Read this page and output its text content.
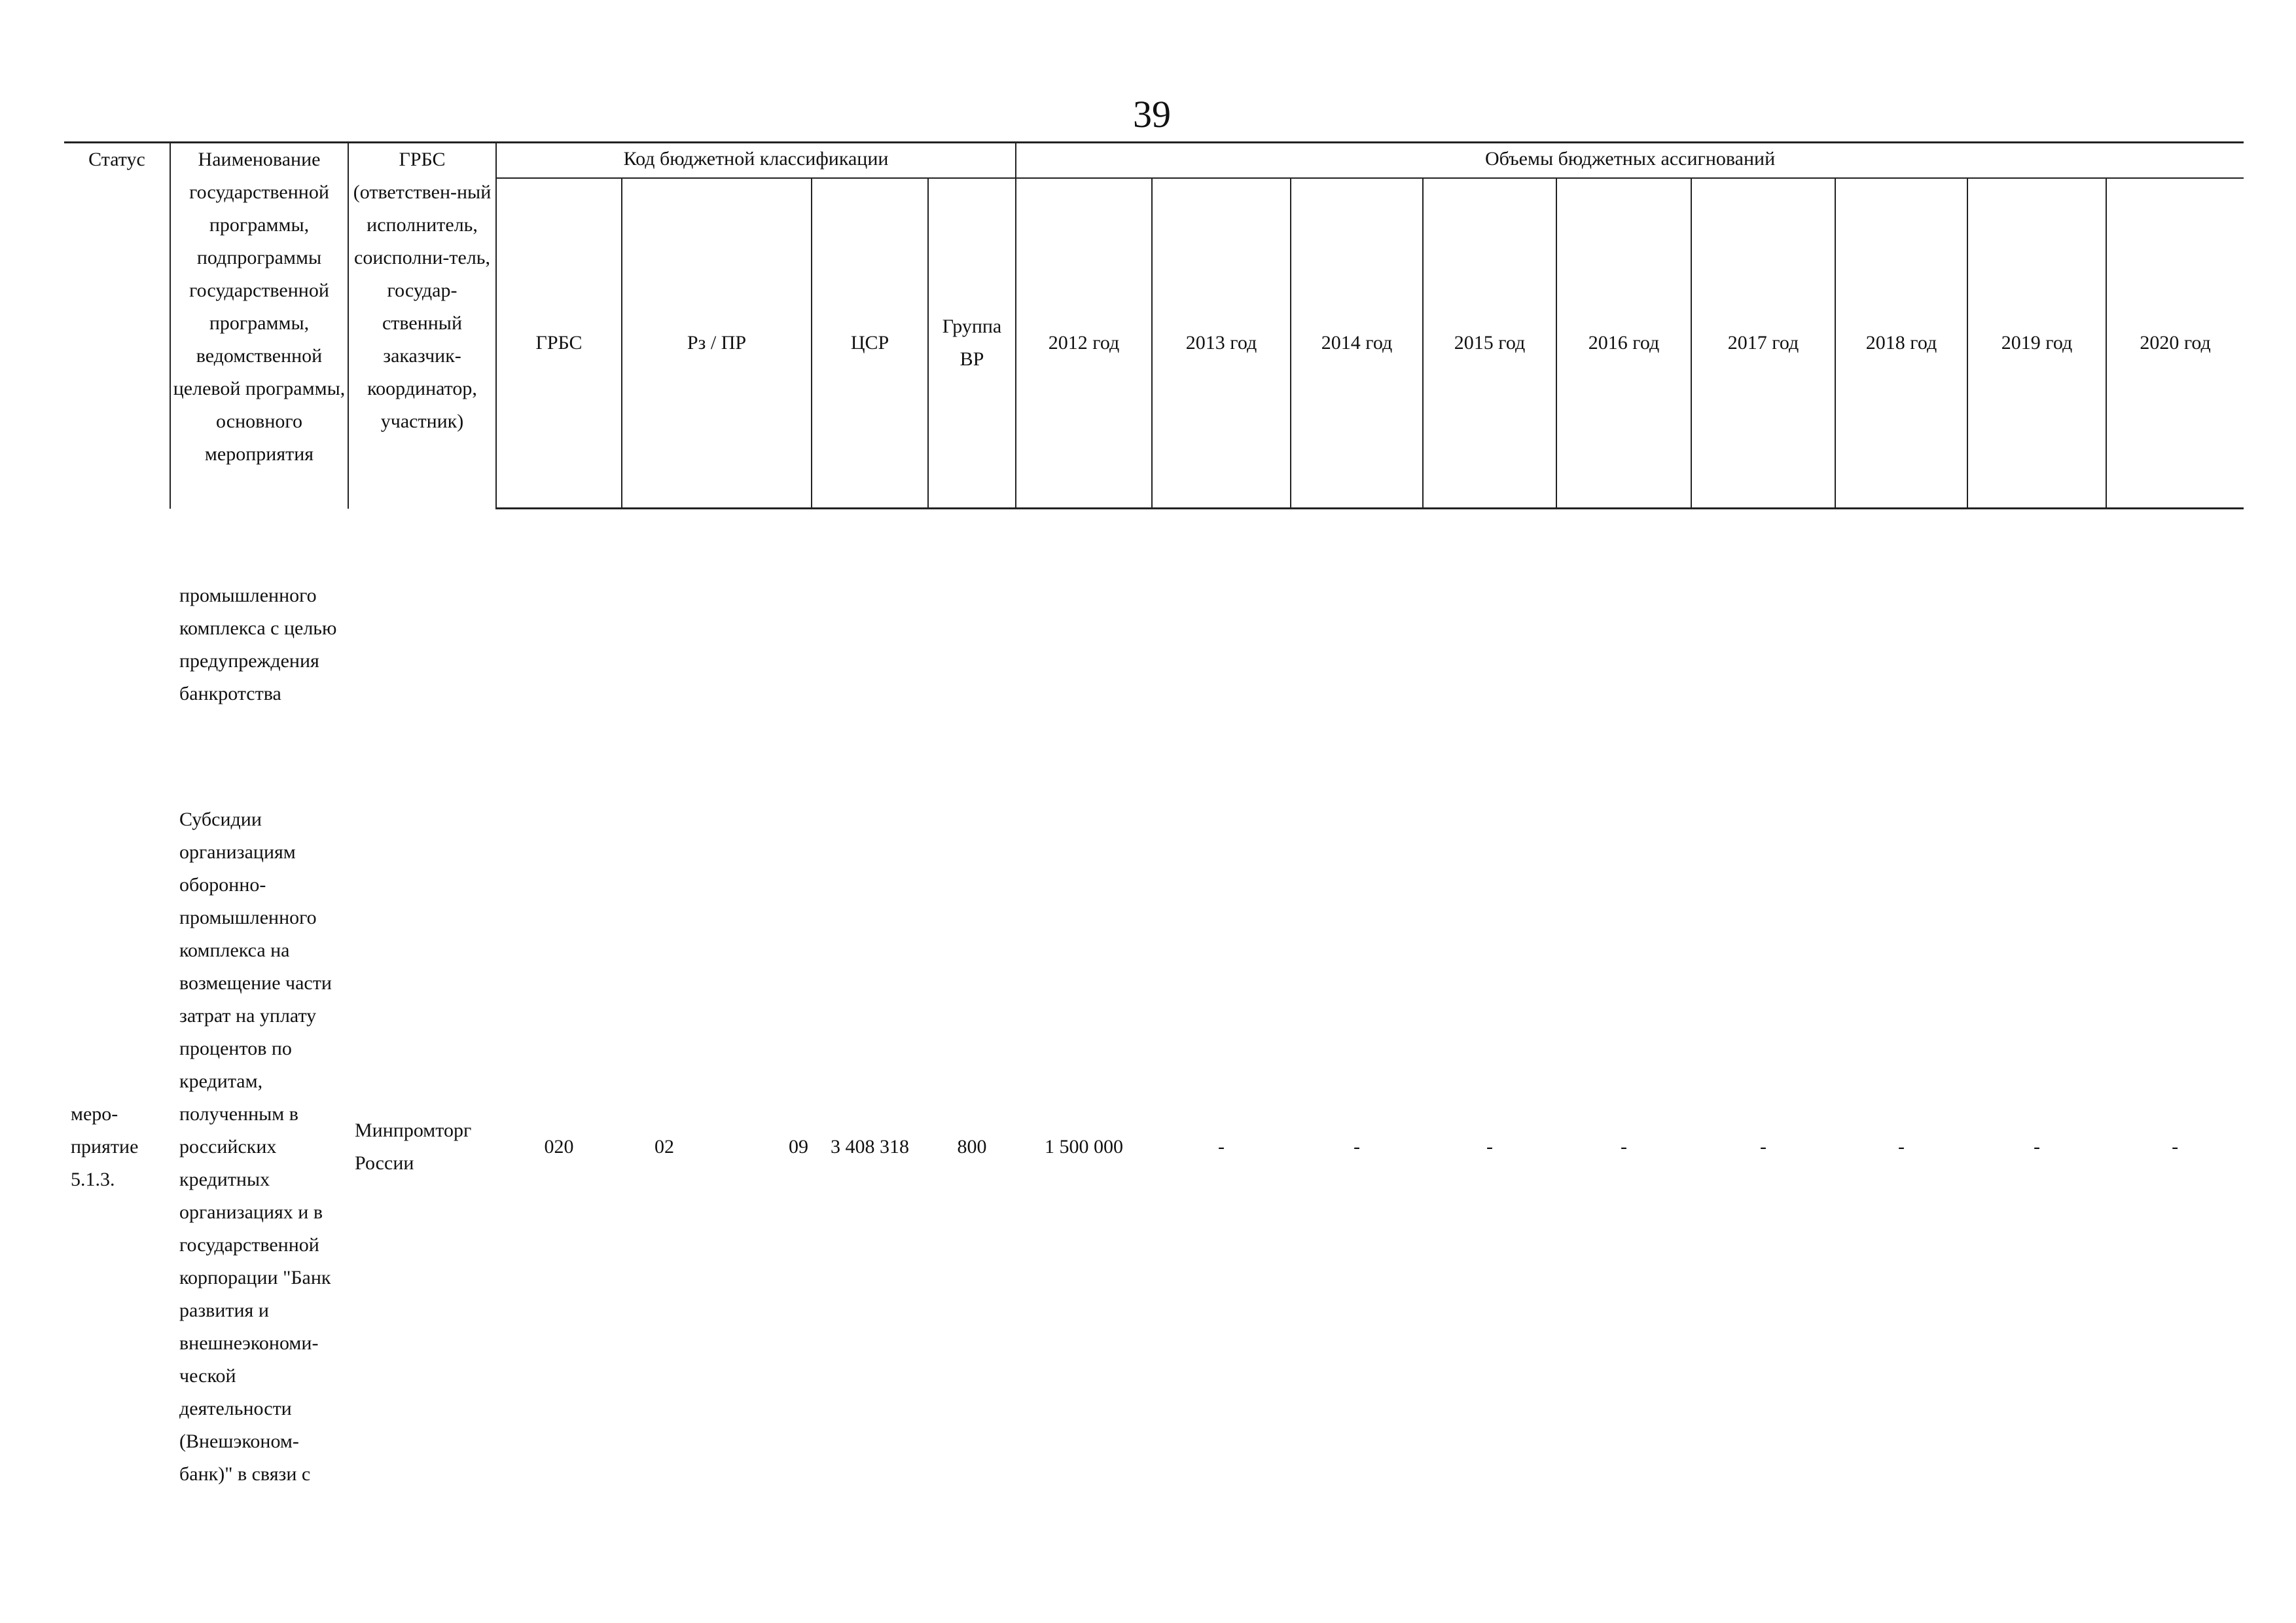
39
Статус	Наименование государственной программы, подпрограммы государственной программы, ведомственной целевой программы, основного мероприятия	ГРБС (ответствен-ный исполнитель, соисполни-тель, государ-ственный заказчик-координатор, участник)	Код бюджетной классификации				Объемы бюджетных ассигнований								
			ГРБС	Рз / ПР	ЦСР	Группа ВР	2012 год	2013 год	2014 год	2015 год	2016 год	2017 год	2018 год	2019 год	2020 год

	промышленного комплекса с целью предупреждения банкротства														

меро-приятие 5.1.3.	Субсидии организациям оборонно-промышленного комплекса на возмещение части затрат на уплату процентов по кредитам, полученным в российских кредитных организациях и в государственной корпорации "Банк развития и внешнеэкономи-ческой деятельности (Внешэконом-банк)" в связи с	Минпромторг России	020	02 09	3 408 318	800	1 500 000	-	-	-	-	-	-	-	-
